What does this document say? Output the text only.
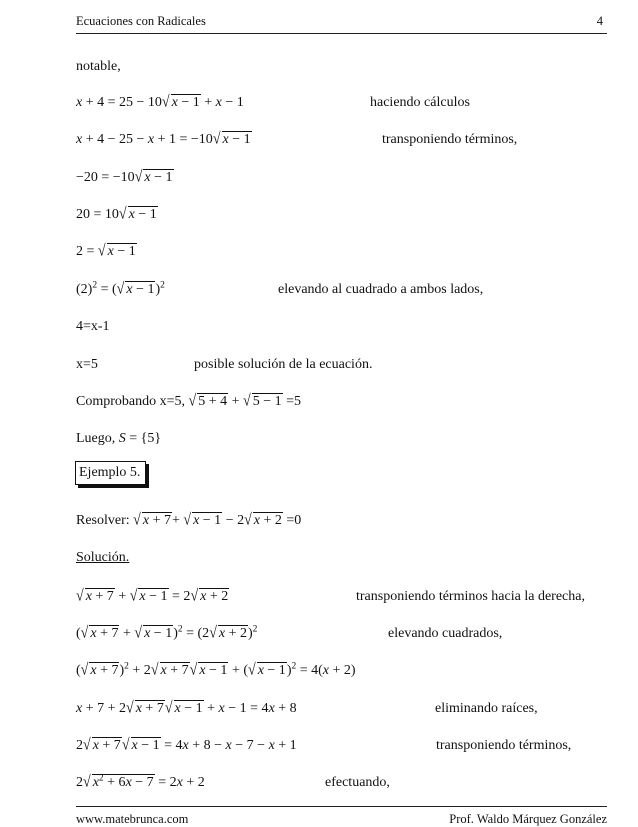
Ecuaciones con Radicales	4
notable,
x + 4 = 25 − 10√ x − 1 + x − 1	haciendo cálculos
x + 4 − 25 − x + 1 = −10√ x − 1	transponiendo términos,
−20 = −10√ x − 1
20 = 10√ x − 1
2 = √ x − 1
$(2)^2$ = (√ x − 1)$^2$	elevando al cuadrado a ambos lados,
4=x-1
x=5	posible solución de la ecuación.
Comprobando x=5, √ 5 + 4 + √ 5 − 1 =5
Luego, S = {5}
Ejemplo 5.
Resolver: √ x + 7+ √ x − 1 − 2√ x + 2 =0
Solución.
√ x + 7 + √ x − 1 = 2√ x + 2	transponiendo términos hacia la derecha,
(√ x + 7 + √ x − 1)$^2$ = (2√ x + 2)$^2$	elevando cuadrados,
(√ x + 7)$^2$ + 2√ x + 7√ x − 1 + (√ x − 1)$^2$ = 4(x + 2)
x + 7 + 2√ x + 7√ x − 1 + x − 1 = 4x + 8	eliminando raíces,
2√ x + 7√ x − 1 = 4x + 8 − x − 7 − x + 1	transponiendo términos,
2√ $x^2 + 6x - 7 = 2x + 2$	efectuando,
www.matebrunca.com	Prof. Waldo Márquez González
